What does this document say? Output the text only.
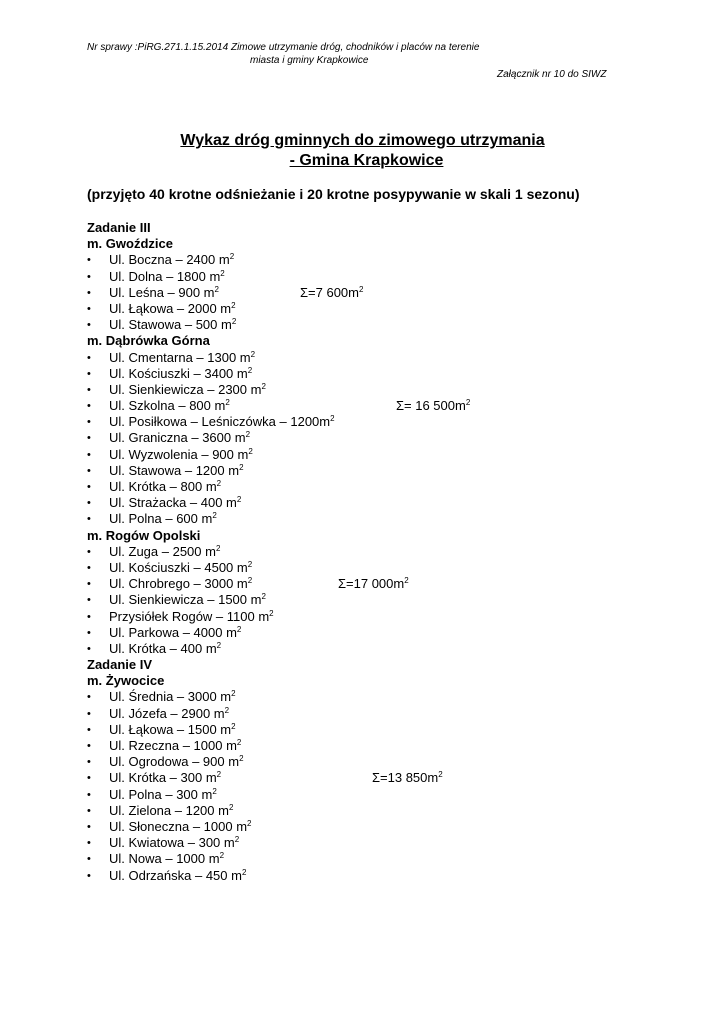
Nr sprawy :PiRG.271.1.15.2014 Zimowe utrzymanie dróg, chodników i placów na terenie
miasta i gminy Krapkowice
Załącznik nr 10 do SIWZ
Wykaz dróg gminnych do zimowego utrzymania
- Gmina Krapkowice
(przyjęto 40 krotne odśnieżanie i 20 krotne posypywanie w skali 1 sezonu)
Zadanie III
m. Gwoździce
•	Ul. Boczna – 2400 $m^2$
•	Ul. Dolna – 1800 $m^2$
•	Ul. Leśna – 900 $m^2$	Σ=7 $600m^2$
•	Ul. Łąkowa – 2000 $m^2$
•	Ul. Stawowa – 500 $m^2$
m. Dąbrówka Górna
•	Ul. Cmentarna – 1300 $m^2$
•	Ul. Kościuszki – 3400 $m^2$
•	Ul. Sienkiewicza – 2300 $m^2$
•	Ul. Szkolna – 800 $m^2$	Σ= 16 $500m^2$
•	Ul. Posiłkowa – Leśniczówka – $1200m^2$
•	Ul. Graniczna – 3600 $m^2$
•	Ul. Wyzwolenia – 900 $m^2$
•	Ul. Stawowa – 1200 $m^2$
•	Ul. Krótka – 800 $m^2$
•	Ul. Strażacka – 400 $m^2$
•	Ul. Polna – 600 $m^2$
m. Rogów Opolski
•	Ul. Zuga – 2500 $m^2$
•	Ul. Kościuszki – 4500 $m^2$
•	Ul. Chrobrego – 3000 $m^2$	Σ=17 $000m^2$
•	Ul. Sienkiewicza – 1500 $m^2$
•	Przysiółek Rogów – 1100 $m^2$
•	Ul. Parkowa – 4000 $m^2$
•	Ul. Krótka – 400 $m^2$
Zadanie IV
m. Żywocice
•	Ul. Średnia – 3000 $m^2$
•	Ul. Józefa – 2900 $m^2$
•	Ul. Łąkowa – 1500 $m^2$
•	Ul. Rzeczna – 1000 $m^2$
•	Ul. Ogrodowa – 900 $m^2$
•	Ul. Krótka – 300 $m^2$	Σ=13 $850m^2$
•	Ul. Polna – 300 $m^2$
•	Ul. Zielona – 1200 $m^2$
•	Ul. Słoneczna – 1000 $m^2$
•	Ul. Kwiatowa – 300 $m^2$
•	Ul. Nowa – 1000 $m^2$
•	Ul. Odrzańska – 450 $m^2$
